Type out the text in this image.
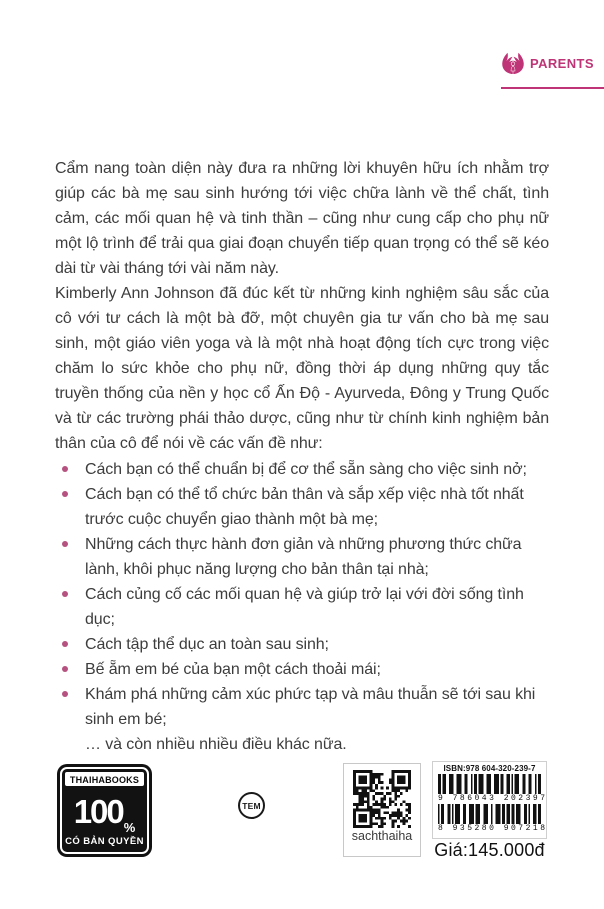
PARENTS

Cẩm nang toàn diện này đưa ra những lời khuyên hữu ích nhằm trợ giúp các bà mẹ sau sinh hướng tới việc chữa lành về thể chất, tình cảm, các mối quan hệ và tinh thần – cũng như cung cấp cho phụ nữ một lộ trình để trải qua giai đoạn chuyển tiếp quan trọng có thể sẽ kéo dài từ vài tháng tới vài năm này.

Kimberly Ann Johnson đã đúc kết từ những kinh nghiệm sâu sắc của cô với tư cách là một bà đỡ, một chuyên gia tư vấn cho bà mẹ sau sinh, một giáo viên yoga và là một nhà hoạt động tích cực trong việc chăm lo sức khỏe cho phụ nữ, đồng thời áp dụng những quy tắc truyền thống của nền y học cổ Ấn Độ - Ayurveda, Đông y Trung Quốc và từ các trường phái thảo dược, cũng như từ chính kinh nghiệm bản thân của cô để nói về các vấn đề như:

Cách bạn có thể chuẩn bị để cơ thể sẵn sàng cho việc sinh nở;
Cách bạn có thể tổ chức bản thân và sắp xếp việc nhà tốt nhất trước cuộc chuyển giao thành một bà mẹ;
Những cách thực hành đơn giản và những phương thức chữa lành, khôi phục năng lượng cho bản thân tại nhà;
Cách củng cố các mối quan hệ và giúp trở lại với đời sống tình dục;
Cách tập thể dục an toàn sau sinh;
Bế ẵm em bé của bạn một cách thoải mái;
Khám phá những cảm xúc phức tạp và mâu thuẫn sẽ tới sau khi sinh em bé;

… và còn nhiều nhiều điều khác nữa.

THAIHABOOKS
100 %
CÓ BẢN QUYỀN
TEM
sachthaiha
ISBN:978 604-320-239-7
9 786043 202397
8 935280 907218
Giá:145.000đ
